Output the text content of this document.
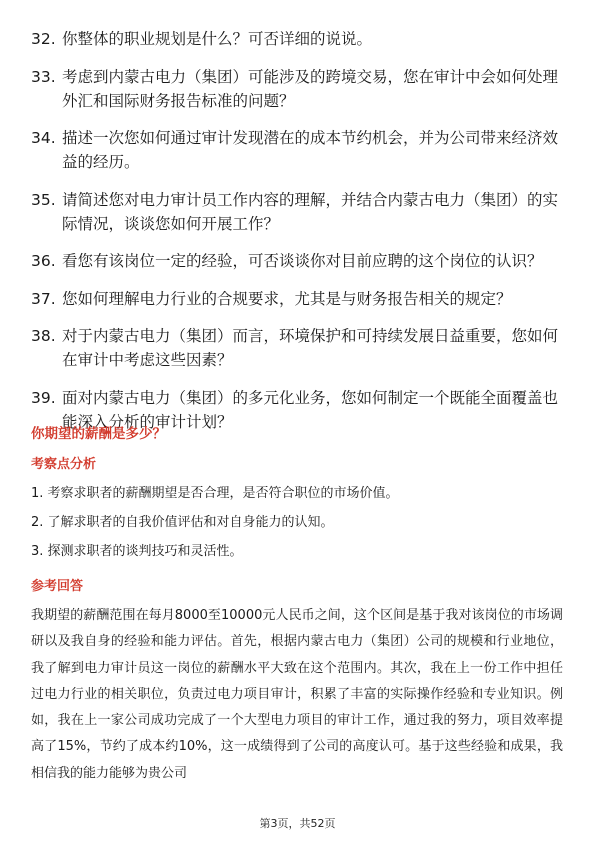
32. 你整体的职业规划是什么？可否详细的说说。
33. 考虑到内蒙古电力（集团）可能涉及的跨境交易，您在审计中会如何处理外汇和国际财务报告标准的问题？
34. 描述一次您如何通过审计发现潜在的成本节约机会，并为公司带来经济效益的经历。
35. 请简述您对电力审计员工作内容的理解，并结合内蒙古电力（集团）的实际情况，谈谈您如何开展工作？
36. 看您有该岗位一定的经验，可否谈谈你对目前应聘的这个岗位的认识？
37. 您如何理解电力行业的合规要求，尤其是与财务报告相关的规定？
38. 对于内蒙古电力（集团）而言，环境保护和可持续发展日益重要，您如何在审计中考虑这些因素？
39. 面对内蒙古电力（集团）的多元化业务，您如何制定一个既能全面覆盖也能深入分析的审计计划？
你期望的薪酬是多少？
考察点分析
1. 考察求职者的薪酬期望是否合理，是否符合职位的市场价值。
2. 了解求职者的自我价值评估和对自身能力的认知。
3. 探测求职者的谈判技巧和灵活性。
参考回答
我期望的薪酬范围在每月8000至10000元人民币之间，这个区间是基于我对该岗位的市场调研以及我自身的经验和能力评估。首先，根据内蒙古电力（集团）公司的规模和行业地位，我了解到电力审计员这一岗位的薪酬水平大致在这个范围内。其次，我在上一份工作中担任过电力行业的相关职位，负责过电力项目审计，积累了丰富的实际操作经验和专业知识。例如，我在上一家公司成功完成了一个大型电力项目的审计工作，通过我的努力，项目效率提高了15%，节约了成本约10%，这一成绩得到了公司的高度认可。基于这些经验和成果，我相信我的能力能够为贵公司
第3页，共52页
